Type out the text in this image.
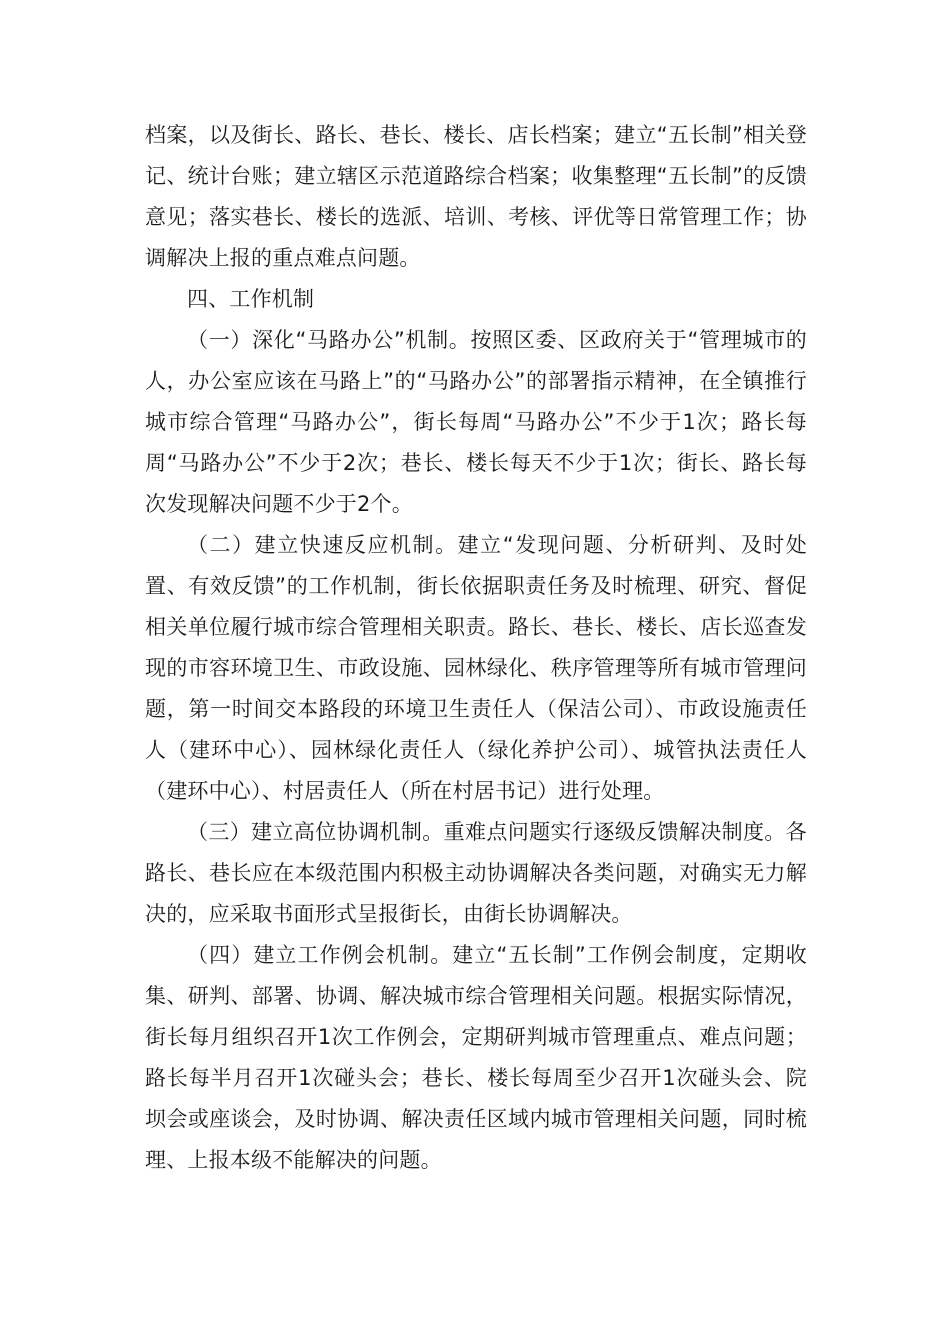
档案，以及街长、路长、巷长、楼长、店长档案；建立“五长制”相关登记、统计台账；建立辖区示范道路综合档案；收集整理“五长制”的反馈意见；落实巷长、楼长的选派、培训、考核、评优等日常管理工作；协调解决上报的重点难点问题。

四、工作机制

（一）深化“马路办公”机制。按照区委、区政府关于“管理城市的人，办公室应该在马路上”的“马路办公”的部署指示精神，在全镇推行城市综合管理“马路办公”，街长每周“马路办公”不少于1次；路长每周“马路办公”不少于2次；巷长、楼长每天不少于1次；街长、路长每次发现解决问题不少于2个。

（二）建立快速反应机制。建立“发现问题、分析研判、及时处置、有效反馈”的工作机制，街长依据职责任务及时梳理、研究、督促相关单位履行城市综合管理相关职责。路长、巷长、楼长、店长巡查发现的市容环境卫生、市政设施、园林绿化、秩序管理等所有城市管理问题，第一时间交本路段的环境卫生责任人（保洁公司）、市政设施责任人（建环中心）、园林绿化责任人（绿化养护公司）、城管执法责任人（建环中心）、村居责任人（所在村居书记）进行处理。

（三）建立高位协调机制。重难点问题实行逐级反馈解决制度。各路长、巷长应在本级范围内积极主动协调解决各类问题，对确实无力解决的，应采取书面形式呈报街长，由街长协调解决。

（四）建立工作例会机制。建立“五长制”工作例会制度，定期收集、研判、部署、协调、解决城市综合管理相关问题。根据实际情况，街长每月组织召开1次工作例会，定期研判城市管理重点、难点问题；路长每半月召开1次碰头会；巷长、楼长每周至少召开1次碰头会、院坝会或座谈会，及时协调、解决责任区域内城市管理相关问题，同时梳理、上报本级不能解决的问题。
